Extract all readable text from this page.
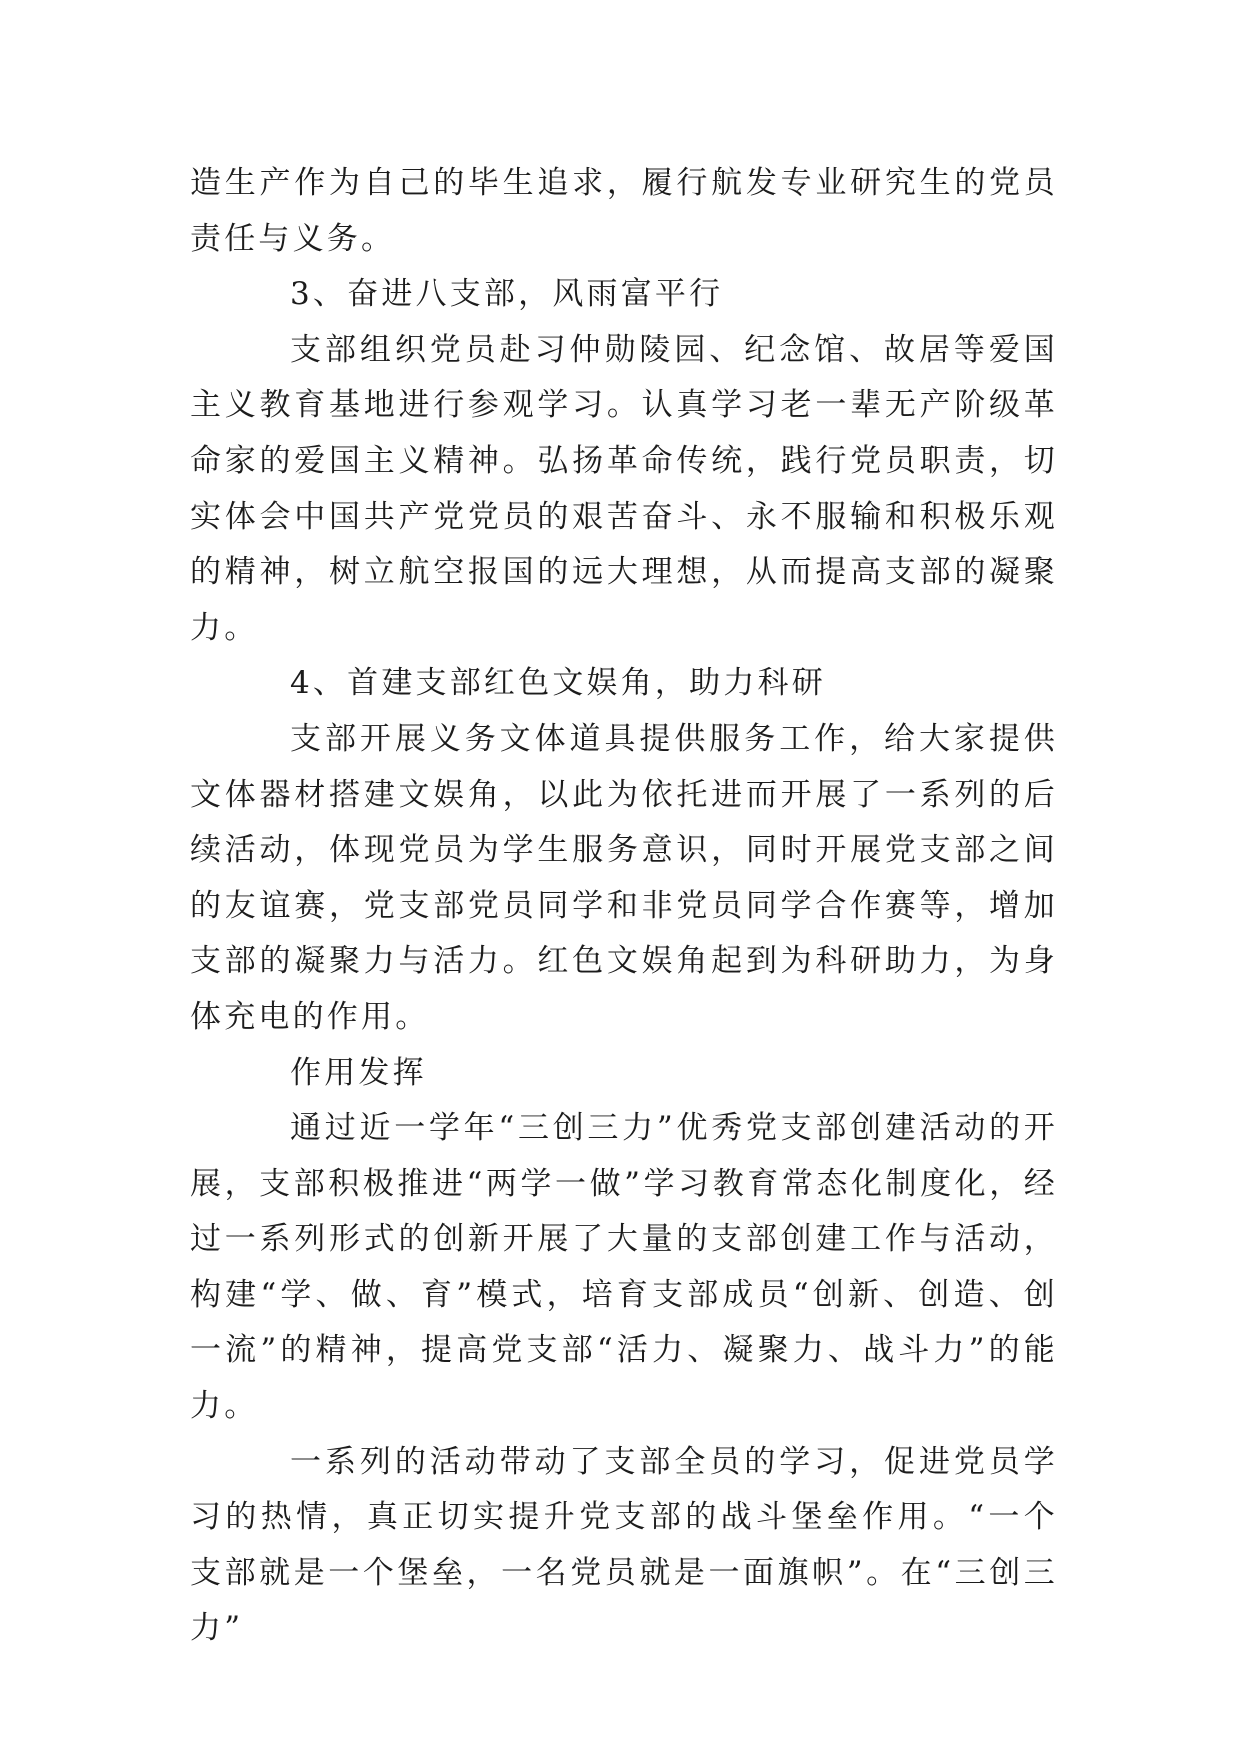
造生产作为自己的毕生追求，履行航发专业研究生的党员责任与义务。

3、奋进八支部，风雨富平行

支部组织党员赴习仲勋陵园、纪念馆、故居等爱国主义教育基地进行参观学习。认真学习老一辈无产阶级革命家的爱国主义精神。弘扬革命传统，践行党员职责，切实体会中国共产党党员的艰苦奋斗、永不服输和积极乐观的精神，树立航空报国的远大理想，从而提高支部的凝聚力。

4、首建支部红色文娱角，助力科研

支部开展义务文体道具提供服务工作，给大家提供文体器材搭建文娱角，以此为依托进而开展了一系列的后续活动，体现党员为学生服务意识，同时开展党支部之间的友谊赛，党支部党员同学和非党员同学合作赛等，增加支部的凝聚力与活力。红色文娱角起到为科研助力，为身体充电的作用。

作用发挥

通过近一学年“三创三力”优秀党支部创建活动的开展，支部积极推进“两学一做”学习教育常态化制度化，经过一系列形式的创新开展了大量的支部创建工作与活动，构建“学、做、育”模式，培育支部成员“创新、创造、创一流”的精神，提高党支部“活力、凝聚力、战斗力”的能力。

一系列的活动带动了支部全员的学习，促进党员学习的热情，真正切实提升党支部的战斗堡垒作用。“一个支部就是一个堡垒，一名党员就是一面旗帜”。在“三创三力”
